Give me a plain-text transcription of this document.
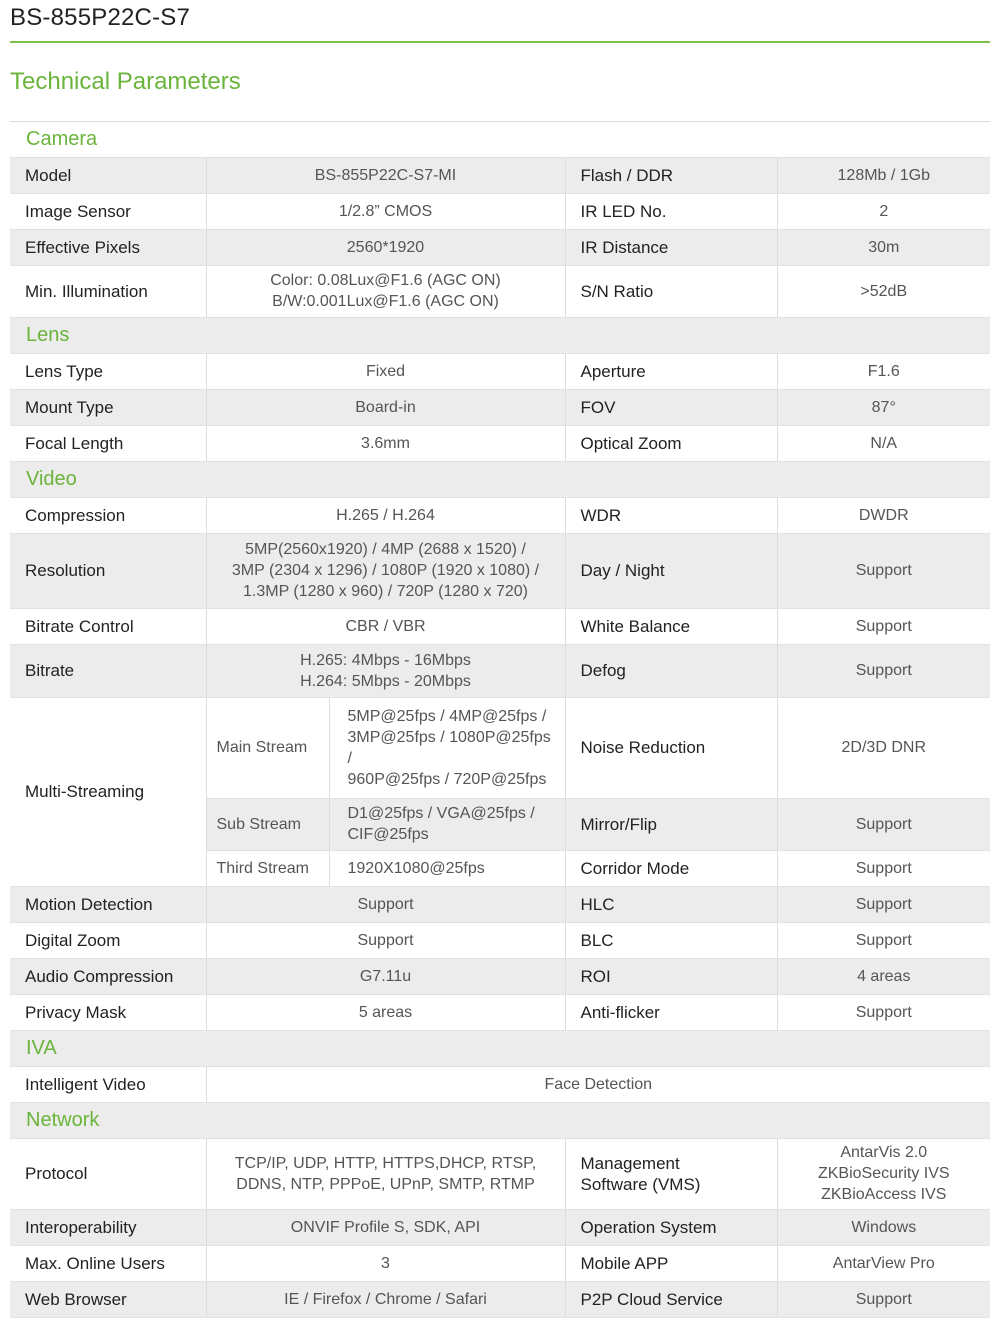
BS-855P22C-S7
Technical Parameters
Camera				
Model	BS-855P22C-S7-MI		Flash / DDR	128Mb / 1Gb
Image Sensor	1/2.8” CMOS		IR LED No.	2
Effective Pixels	2560*1920		IR Distance	30m
Min. Illumination	Color: 0.08Lux@F1.6 (AGC ON)
B/W:0.001Lux@F1.6 (AGC ON)		S/N Ratio	>52dB
Lens				
Lens Type	Fixed		Aperture	F1.6
Mount Type	Board-in		FOV	87°
Focal Length	3.6mm		Optical Zoom	N/A
Video				
Compression	H.265 / H.264		WDR	DWDR
Resolution	5MP(2560x1920) / 4MP (2688 x 1520) /
3MP (2304 x 1296) / 1080P (1920 x 1080) /
1.3MP (1280 x 960) / 720P (1280 x 720)		Day / Night	Support
Bitrate Control	CBR / VBR		White Balance	Support
Bitrate	H.265: 4Mbps - 16Mbps
H.264: 5Mbps - 20Mbps		Defog	Support
Multi-Streaming	Main Stream	5MP@25fps / 4MP@25fps /
3MP@25fps / 1080P@25fps /
960P@25fps / 720P@25fps	Noise Reduction	2D/3D DNR
	Sub Stream	D1@25fps / VGA@25fps /
CIF@25fps	Mirror/Flip	Support
	Third Stream	1920X1080@25fps	Corridor Mode	Support
Motion Detection	Support		HLC	Support
Digital Zoom	Support		BLC	Support
Audio Compression	G7.11u		ROI	4 areas
Privacy Mask	5 areas		Anti-flicker	Support
IVA				
Intelligent Video	Face Detection			
Network				
Protocol	TCP/IP, UDP, HTTP, HTTPS,DHCP, RTSP,
DDNS, NTP, PPPoE, UPnP, SMTP, RTMP		Management
Software (VMS)	AntarVis 2.0
ZKBioSecurity IVS
ZKBioAccess IVS
Interoperability	ONVIF Profile S, SDK, API		Operation System	Windows
Max. Online Users	3		Mobile APP	AntarView Pro
Web Browser	IE / Firefox / Chrome / Safari		P2P Cloud Service	Support
